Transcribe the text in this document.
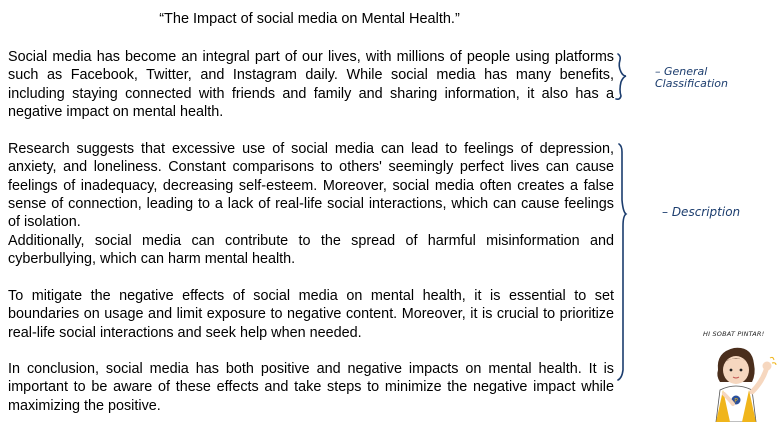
“The Impact of social media on Mental Health.”

Social media has become an integral part of our lives, with millions of people using platforms such as Facebook, Twitter, and Instagram daily. While social media has many benefits, including staying connected with friends and family and sharing information, it also has a negative impact on mental health.

Research suggests that excessive use of social media can lead to feelings of depression, anxiety, and loneliness. Constant comparisons to others' seemingly perfect lives can cause feelings of inadequacy, decreasing self-esteem. Moreover, social media often creates a false sense of connection, leading to a lack of real-life social interactions, which can cause feelings of isolation.

Additionally, social media can contribute to the spread of harmful misinformation and cyberbullying, which can harm mental health.

To mitigate the negative effects of social media on mental health, it is essential to set boundaries on usage and limit exposure to negative content. Moreover, it is crucial to prioritize real-life social interactions and seek help when needed.

In conclusion, social media has both positive and negative impacts on mental health. It is important to be aware of these effects and take steps to minimize the negative impact while maximizing the positive.

– General Classification
– Description
HI SOBAT PINTAR!
P
